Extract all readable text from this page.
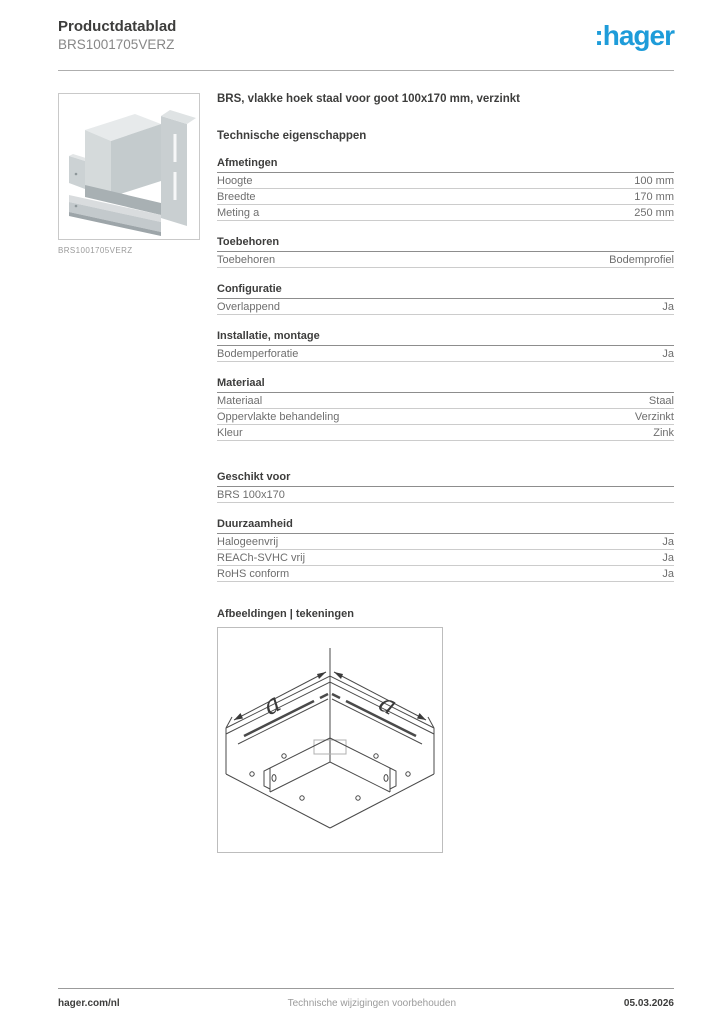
Productdatablad
BRS1001705VERZ	:hager
BRS1001705VERZ

BRS, vlakke hoek staal voor goot 100x170 mm, verzinkt

Technische eigenschappen
Afmetingen
Hoogte	100 mm
Breedte	170 mm
Meting a	250 mm
Toebehoren
Toebehoren	Bodemprofiel
Configuratie
Overlappend	Ja
Installatie, montage
Bodemperforatie	Ja
Materiaal
Materiaal	Staal
Oppervlakte behandeling	Verzinkt
Kleur	Zink
Geschikt voor
BRS 100x170
Duurzaamheid
Halogeenvrij	Ja
REACh-SVHC vrij	Ja
RoHS conform	Ja
Afbeeldingen | tekeningen
a	a
hager.com/nl	Technische wijzigingen voorbehouden	05.03.2026
